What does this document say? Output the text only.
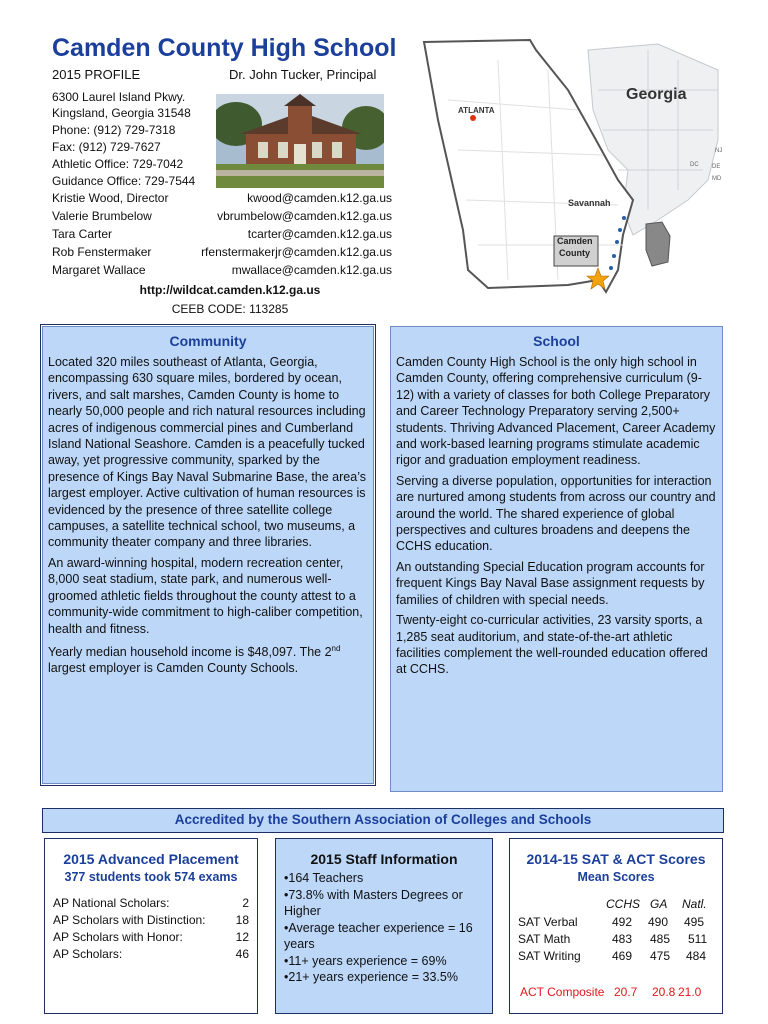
Camden County High School
2015 PROFILE	Dr. John Tucker, Principal
6300 Laurel Island Pkwy.
Kingsland, Georgia 31548
Phone: (912) 729-7318
Fax: (912) 729-7627
Athletic Office: 729-7042
Guidance Office: 729-7544
Kristie Wood, Director	kwood@camden.k12.ga.us
Valerie Brumbelow	vbrumbelow@camden.k12.ga.us
Tara Carter	tcarter@camden.k12.ga.us
Rob Fenstermaker	rfenstermakerjr@camden.k12.ga.us
Margaret Wallace	mwallace@camden.k12.ga.us
http://wildcat.camden.k12.ga.us
CEEB CODE: 113285
Georgia
ATLANTA
Savannah
Camden
County
NJ
DE
MD
DC
Community
Located 320 miles southeast of Atlanta, Georgia, encompassing 630 square miles, bordered by ocean, rivers, and salt marshes, Camden County is home to nearly 50,000 people and rich natural resources including acres of indigenous commercial pines and Cumberland Island National Seashore. Camden is a peacefully tucked away, yet progressive community, sparked by the presence of Kings Bay Naval Submarine Base, the area’s largest employer. Active cultivation of human resources is evidenced by the presence of three satellite college campuses, a satellite technical school, two museums, a community theater company and three libraries.
An award-winning hospital, modern recreation center, 8,000 seat stadium, state park, and numerous well-groomed athletic fields throughout the county attest to a community-wide commitment to high-caliber competition, health and fitness.
Yearly median household income is $48,097. The 2nd largest employer is Camden County Schools.
School
Camden County High School is the only high school in Camden County, offering comprehensive curriculum (9-12) with a variety of classes for both College Preparatory and Career Technology Preparatory serving 2,500+ students. Thriving Advanced Placement, Career Academy and work-based learning programs stimulate academic rigor and graduation employment readiness.
Serving a diverse population, opportunities for interaction are nurtured among students from across our country and around the world. The shared experience of global perspectives and cultures broadens and deepens the CCHS education.
An outstanding Special Education program accounts for frequent Kings Bay Naval Base assignment requests by families of children with special needs.
Twenty-eight co-curricular activities, 23 varsity sports, a 1,285 seat auditorium, and state-of-the-art athletic facilities complement the well-rounded education offered at CCHS.
Accredited by the Southern Association of Colleges and Schools
2015 Advanced Placement
377 students took 574 exams
AP National Scholars:	2
AP Scholars with Distinction:	18
AP Scholars with Honor:	12
AP Scholars:	46
2015 Staff Information
•164 Teachers
•73.8% with Masters Degrees or Higher
•Average teacher experience = 16 years
•11+ years experience = 69%
•21+ years experience = 33.5%
2014-15 SAT & ACT Scores
Mean Scores
CCHS GA Natl.
SAT Verbal	492 490 495
SAT Math	483 485 511
SAT Writing	469 475 484
ACT Composite 20.7 20.8 21.0
